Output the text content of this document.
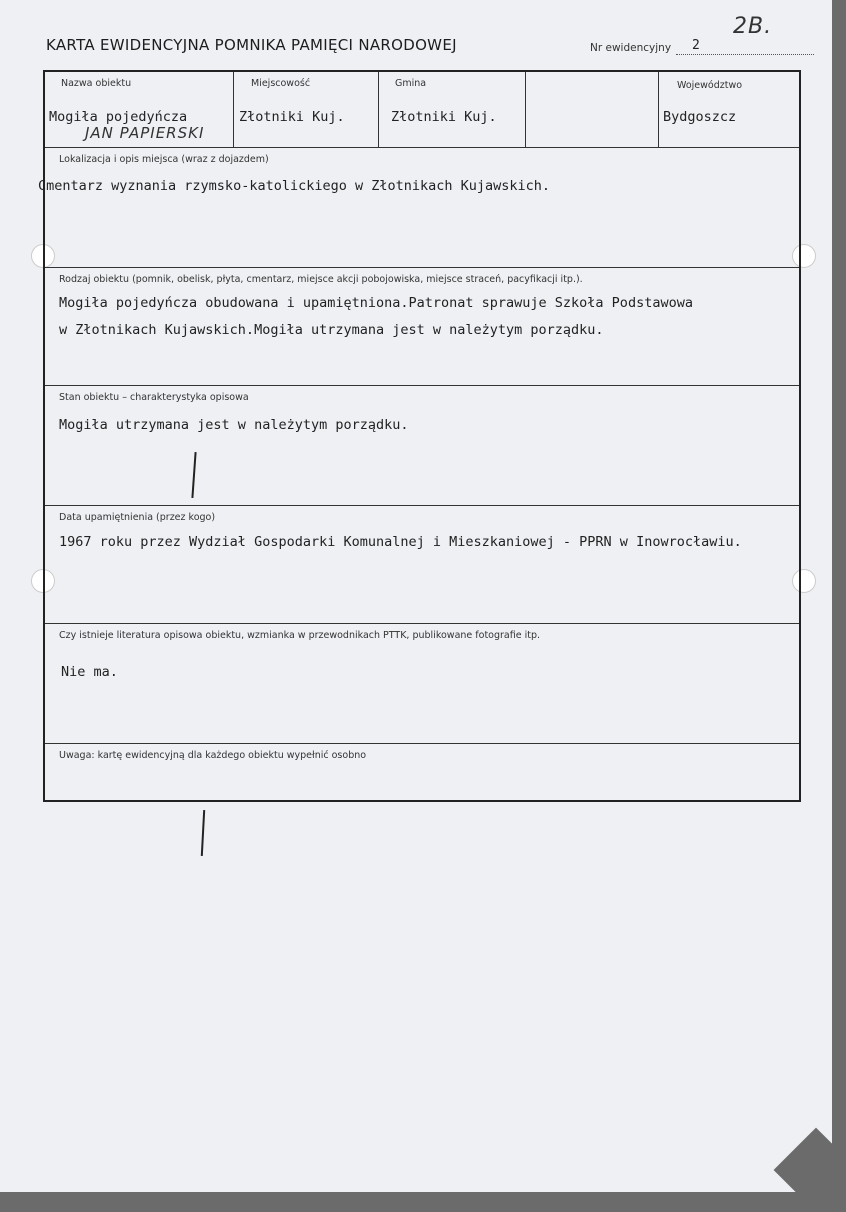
KARTA EWIDENCYJNA POMNIKA PAMIĘCI NARODOWEJ	Nr ewidencyjny	2
2B.
Nazwa obiektu
Mogiła pojedyńcza
JAN PAPIERSKI
Miejscowość
Złotniki Kuj.
Gmina
Złotniki Kuj.
Województwo
Bydgoszcz
Lokalizacja i opis miejsca (wraz z dojazdem)
Cmentarz wyznania rzymsko-katolickiego w Złotnikach Kujawskich.
Rodzaj obiektu (pomnik, obelisk, płyta, cmentarz, miejsce akcji pobojowiska, miejsce straceń, pacyfikacji itp.).
Mogiła pojedyńcza obudowana i upamiętniona.Patronat sprawuje Szkoła Podstawowa
w Złotnikach Kujawskich.Mogiła utrzymana jest w należytym porządku.
Stan obiektu – charakterystyka opisowa
Mogiła utrzymana jest w należytym porządku.
Data upamiętnienia (przez kogo)
1967 roku przez Wydział Gospodarki Komunalnej i Mieszkaniowej - PPRN w Inowrocławiu.
Czy istnieje literatura opisowa obiektu, wzmianka w przewodnikach PTTK, publikowane fotografie itp.
Nie ma.
Uwaga: kartę ewidencyjną dla każdego obiektu wypełnić osobno
